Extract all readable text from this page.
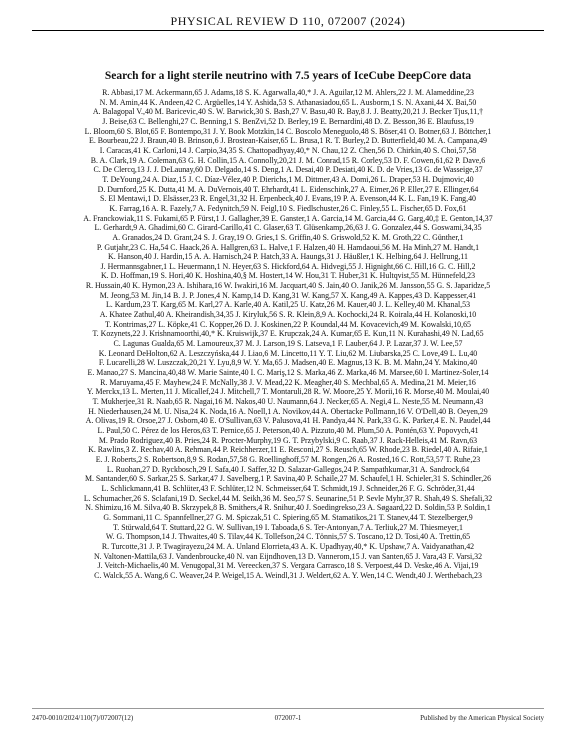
PHYSICAL REVIEW D 110, 072007 (2024)
Search for a light sterile neutrino with 7.5 years of IceCube DeepCore data
R. Abbasi,17 M. Ackermann,65 J. Adams,18 S. K. Agarwalla,40,* J. A. Aguilar,12 M. Ahlers,22 J. M. Alameddine,23
N. M. Amin,44 K. Andeen,42 C. Argüelles,14 Y. Ashida,53 S. Athanasiadou,65 L. Ausborm,1 S. N. Axani,44 X. Bai,50
A. Balagopal V.,40 M. Baricevic,40 S. W. Barwick,30 S. Bash,27 V. Basu,40 R. Bay,8 J. J. Beatty,20,21 J. Becker Tjus,11,†
J. Beise,63 C. Bellenghi,27 C. Benning,1 S. BenZvi,52 D. Berley,19 E. Bernardini,48 D. Z. Besson,36 E. Blaufuss,19
L. Bloom,60 S. Blot,65 F. Bontempo,31 J. Y. Book Motzkin,14 C. Boscolo Meneguolo,48 S. Böser,41 O. Botner,63 J. Böttcher,1
E. Bourbeau,22 J. Braun,40 B. Brinson,6 J. Brostean-Kaiser,65 L. Brusa,1 R. T. Burley,2 D. Butterfield,40 M. A. Campana,49
I. Caracas,41 K. Carloni,14 J. Carpio,34,35 S. Chattopadhyay,40,* N. Chau,12 Z. Chen,56 D. Chirkin,40 S. Choi,57,58
B. A. Clark,19 A. Coleman,63 G. H. Collin,15 A. Connolly,20,21 J. M. Conrad,15 R. Corley,53 D. F. Cowen,61,62 P. Dave,6
C. De Clercq,13 J. J. DeLaunay,60 D. Delgado,14 S. Deng,1 A. Desai,40 P. Desiati,40 K. D. de Vries,13 G. de Wasseige,37
T. DeYoung,24 A. Diaz,15 J. C. Díaz-Vélez,40 P. Dierichs,1 M. Dittmer,43 A. Domi,26 L. Draper,53 H. Dujmovic,40
D. Durnford,25 K. Dutta,41 M. A. DuVernois,40 T. Ehrhardt,41 L. Eidenschink,27 A. Eimer,26 P. Eller,27 E. Ellinger,64
S. El Mentawi,1 D. Elsässer,23 R. Engel,31,32 H. Erpenbeck,40 J. Evans,19 P. A. Evenson,44 K. L. Fan,19 K. Fang,40
K. Farrag,16 A. R. Fazely,7 A. Fedynitch,59 N. Feigl,10 S. Fiedlschuster,26 C. Finley,55 L. Fischer,65 D. Fox,61
A. Franckowiak,11 S. Fukami,65 P. Fürst,1 J. Gallagher,39 E. Ganster,1 A. Garcia,14 M. Garcia,44 G. Garg,40,‡ E. Genton,14,37
L. Gerhardt,9 A. Ghadimi,60 C. Girard-Carillo,41 C. Glaser,63 T. Glüsenkamp,26,63 J. G. Gonzalez,44 S. Goswami,34,35
A. Granados,24 D. Grant,24 S. J. Gray,19 O. Gries,1 S. Griffin,40 S. Griswold,52 K. M. Groth,22 C. Günther,1
P. Gutjahr,23 C. Ha,54 C. Haack,26 A. Hallgren,63 L. Halve,1 F. Halzen,40 H. Hamdaoui,56 M. Ha Minh,27 M. Handt,1
K. Hanson,40 J. Hardin,15 A. A. Harnisch,24 P. Hatch,33 A. Haungs,31 J. Häußler,1 K. Helbing,64 J. Hellrung,11
J. Hermannsgabner,1 L. Heuermann,1 N. Heyer,63 S. Hickford,64 A. Hidvegi,55 J. Hignight,66 C. Hill,16 G. C. Hill,2
K. D. Hoffman,19 S. Hori,40 K. Hoshina,40,§ M. Hostert,14 W. Hou,31 T. Huber,31 K. Hultqvist,55 M. Hünnefeld,23
R. Hussain,40 K. Hymon,23 A. Ishihara,16 W. Iwakiri,16 M. Jacquart,40 S. Jain,40 O. Janik,26 M. Jansson,55 G. S. Japaridze,5
M. Jeong,53 M. Jin,14 B. J. P. Jones,4 N. Kamp,14 D. Kang,31 W. Kang,57 X. Kang,49 A. Kappes,43 D. Kappesser,41
L. Kardum,23 T. Karg,65 M. Karl,27 A. Karle,40 A. Katil,25 U. Katz,26 M. Kauer,40 J. L. Kelley,40 M. Khanal,53
A. Khatee Zathul,40 A. Kheirandish,34,35 J. Kiryluk,56 S. R. Klein,8,9 A. Kochocki,24 R. Koirala,44 H. Kolanoski,10
T. Kontrimas,27 L. Köpke,41 C. Kopper,26 D. J. Koskinen,22 P. Koundal,44 M. Kovacevich,49 M. Kowalski,10,65
T. Kozynets,22 J. Krishnamoorthi,40,* K. Kruiswijk,37 E. Krupczak,24 A. Kumar,65 E. Kun,11 N. Kurahashi,49 N. Lad,65
C. Lagunas Gualda,65 M. Lamoureux,37 M. J. Larson,19 S. Latseva,1 F. Lauber,64 J. P. Lazar,37 J. W. Lee,57
K. Leonard DeHolton,62 A. Leszczyńska,44 J. Liao,6 M. Lincetto,11 Y. T. Liu,62 M. Liubarska,25 C. Love,49 L. Lu,40
F. Lucarelli,28 W. Luszczak,20,21 Y. Lyu,8,9 W. Y. Ma,65 J. Madsen,40 E. Magnus,13 K. B. M. Mahn,24 Y. Makino,40
E. Manao,27 S. Mancina,40,48 W. Marie Sainte,40 I. C. Mariş,12 S. Marka,46 Z. Marka,46 M. Marsee,60 I. Martinez-Soler,14
R. Maruyama,45 F. Mayhew,24 F. McNally,38 J. V. Mead,22 K. Meagher,40 S. Mechbal,65 A. Medina,21 M. Meier,16
Y. Merckx,13 L. Merten,11 J. Micallef,24 J. Mitchell,7 T. Montaruli,28 R. W. Moore,25 Y. Morii,16 R. Morse,40 M. Moulai,40
T. Mukherjee,31 R. Naab,65 R. Nagai,16 M. Nakos,40 U. Naumann,64 J. Necker,65 A. Negi,4 L. Neste,55 M. Neumann,43
H. Niederhausen,24 M. U. Nisa,24 K. Noda,16 A. Noell,1 A. Novikov,44 A. Obertacke Pollmann,16 V. O'Dell,40 B. Oeyen,29
A. Olivas,19 R. Orsoe,27 J. Osborn,40 E. O'Sullivan,63 V. Palusova,41 H. Pandya,44 N. Park,33 G. K. Parker,4 E. N. Paudel,44
L. Paul,50 C. Pérez de los Heros,63 T. Pernice,65 J. Peterson,40 A. Pizzuto,40 M. Plum,50 A. Pontén,63 Y. Popovych,41
M. Prado Rodriguez,40 B. Pries,24 R. Procter-Murphy,19 G. T. Przybylski,9 C. Raab,37 J. Rack-Helleis,41 M. Ravn,63
K. Rawlins,3 Z. Rechav,40 A. Rehman,44 P. Reichherzer,11 E. Resconi,27 S. Reusch,65 W. Rhode,23 B. Riedel,40 A. Rifaie,1
E. J. Roberts,2 S. Robertson,8,9 S. Rodan,57,58 G. Roellinghoff,57 M. Rongen,26 A. Rosted,16 C. Rott,53,57 T. Ruhe,23
L. Ruohan,27 D. Ryckbosch,29 I. Safa,40 J. Saffer,32 D. Salazar-Gallegos,24 P. Sampathkumar,31 A. Sandrock,64
M. Santander,60 S. Sarkar,25 S. Sarkar,47 J. Savelberg,1 P. Savina,40 P. Schaile,27 M. Schaufel,1 H. Schieler,31 S. Schindler,26
L. Schlickmann,41 B. Schlüter,43 F. Schlüter,12 N. Schmeisser,64 T. Schmidt,19 J. Schneider,26 F. G. Schröder,31,44
L. Schumacher,26 S. Sclafani,19 D. Seckel,44 M. Seikh,36 M. Seo,57 S. Seunarine,51 P. Sevle Myhr,37 R. Shah,49 S. Shefali,32
N. Shimizu,16 M. Silva,40 B. Skrzypek,8 B. Smithers,4 R. Snihur,40 J. Soedingrekso,23 A. Søgaard,22 D. Soldin,53 P. Soldin,1
G. Sommani,11 C. Spannfellner,27 G. M. Spiczak,51 C. Spiering,65 M. Stamatikos,21 T. Stanev,44 T. Stezelberger,9
T. Stürwald,64 T. Stuttard,22 G. W. Sullivan,19 I. Taboada,6 S. Ter-Antonyan,7 A. Terliuk,27 M. Thiesmeyer,1
W. G. Thompson,14 J. Thwaites,40 S. Tilav,44 K. Tollefson,24 C. Tönnis,57 S. Toscano,12 D. Tosi,40 A. Trettin,65
R. Turcotte,31 J. P. Twagirayezu,24 M. A. Unland Elorrieta,43 A. K. Upadhyay,40,* K. Upshaw,7 A. Vaidyanathan,42
N. Valtonen-Mattila,63 J. Vandenbroucke,40 N. van Eijndhoven,13 D. Vannerom,15 J. van Santen,65 J. Vara,43 F. Varsi,32
J. Veitch-Michaelis,40 M. Venugopal,31 M. Vereecken,37 S. Vergara Carrasco,18 S. Verpoest,44 D. Veske,46 A. Vijai,19
C. Walck,55 A. Wang,6 C. Weaver,24 P. Weigel,15 A. Weindl,31 J. Weldert,62 A. Y. Wen,14 C. Wendt,40 J. Werthebach,23
2470-0010/2024/110(7)/072007(12)	072007-1	Published by the American Physical Society
